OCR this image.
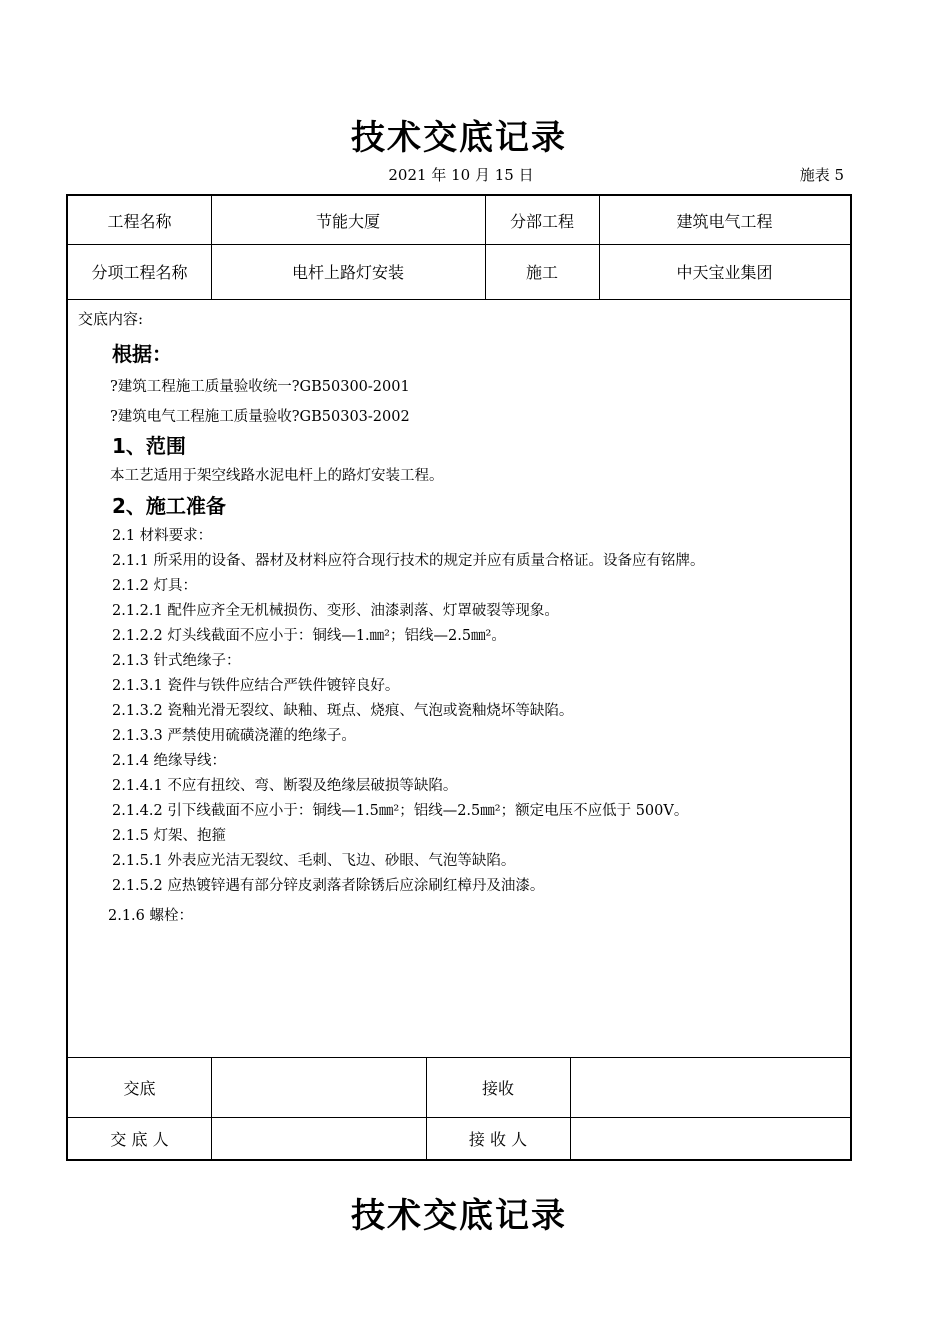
技术交底记录
2021 年 10 月 15 日	施表 5
工程名称	节能大厦	分部工程	建筑电气工程
分项工程名称	电杆上路灯安装	施工	中天宝业集团
交底内容:
根据：
?建筑工程施工质量验收统一?GB50300-2001
?建筑电气工程施工质量验收?GB50303-2002
1、范围
本工艺适用于架空线路水泥电杆上的路灯安装工程。
2、施工准备
2.1 材料要求：
2.1.1 所采用的设备、器材及材料应符合现行技术的规定并应有质量合格证。设备应有铭牌。
2.1.2 灯具：
2.1.2.1 配件应齐全无机械损伤、变形、油漆剥落、灯罩破裂等现象。
2.1.2.2 灯头线截面不应小于：铜线—1.㎜²；铝线—2.5㎜²。
2.1.3 针式绝缘子：
2.1.3.1 瓷件与铁件应结合严铁件镀锌良好。
2.1.3.2 瓷釉光滑无裂纹、缺釉、斑点、烧痕、气泡或瓷釉烧坏等缺陷。
2.1.3.3 严禁使用硫磺浇灌的绝缘子。
2.1.4 绝缘导线：
2.1.4.1 不应有扭绞、弯、断裂及绝缘层破损等缺陷。
2.1.4.2 引下线截面不应小于：铜线—1.5㎜²；铝线—2.5㎜²；额定电压不应低于 500V。
2.1.5 灯架、抱箍
2.1.5.1 外表应光洁无裂纹、毛刺、飞边、砂眼、气泡等缺陷。
2.1.5.2 应热镀锌遇有部分锌皮剥落者除锈后应涂刷红樟丹及油漆。
2.1.6 螺栓：
交底	接收
交 底 人	接 收 人
技术交底记录
